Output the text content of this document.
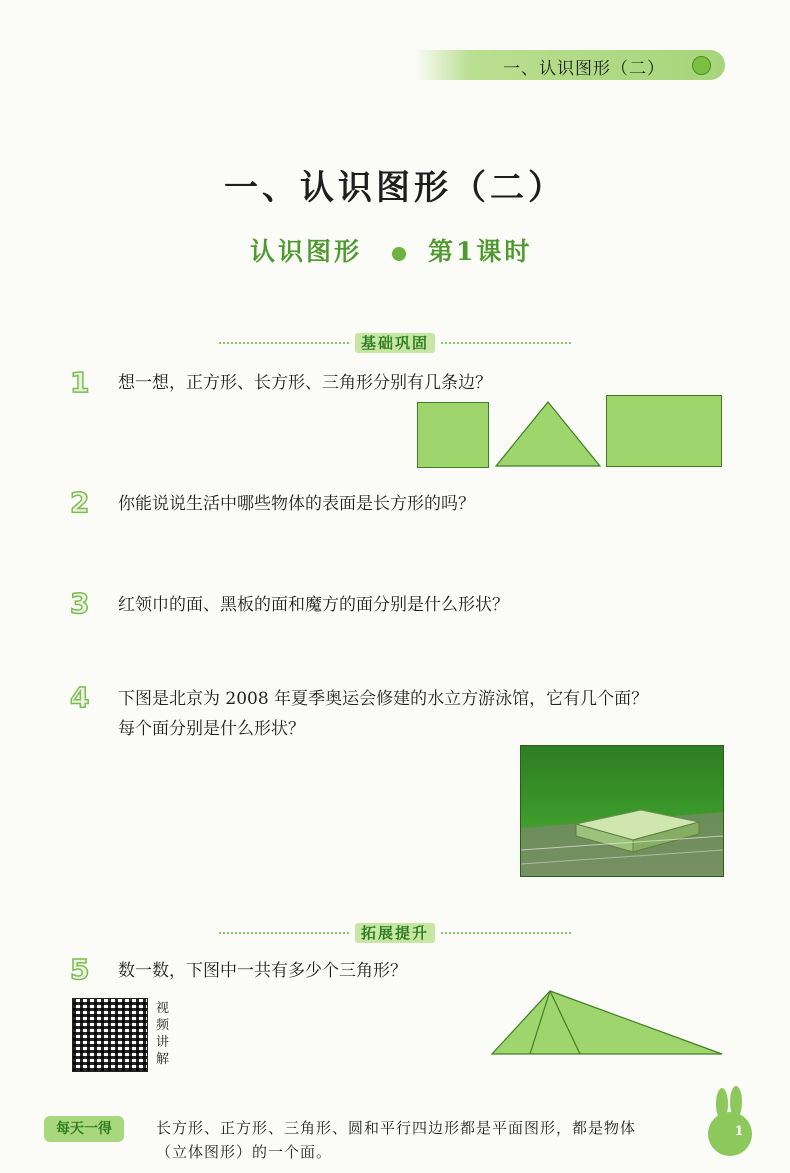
一、认识图形（二）
一、认识图形（二）
认识图形	第1课时
基础巩固
1 想一想，正方形、长方形、三角形分别有几条边？
2 你能说说生活中哪些物体的表面是长方形的吗？
3 红领巾的面、黑板的面和魔方的面分别是什么形状？
4 下图是北京为 2008 年夏季奥运会修建的水立方游泳馆，它有几个面？
每个面分别是什么形状？
拓展提升
5 数一数，下图中一共有多少个三角形？
视频讲解
每天一得	长方形、正方形、三角形、圆和平行四边形都是平面图形，都是物体
（立体图形）的一个面。
1
